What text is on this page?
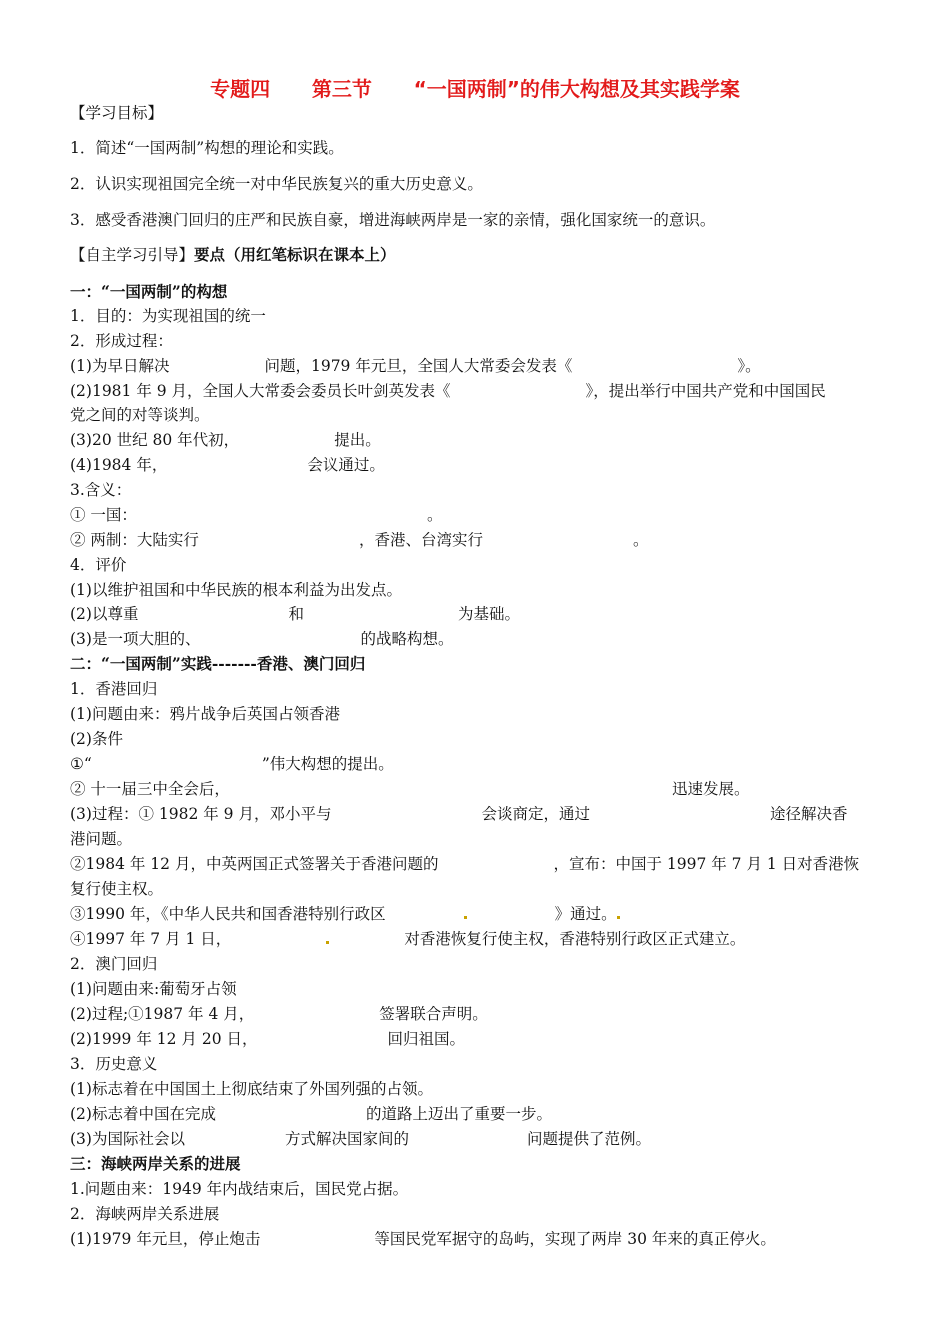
专题四      第三节      “一国两制”的伟大构想及其实践学案
【学习目标】
1．简述“一国两制”构想的理论和实践。
2．认识实现祖国完全统一对中华民族复兴的重大历史意义。
3．感受香港澳门回归的庄严和民族自豪，增进海峡两岸是一家的亲情，强化国家统一的意识。
【自主学习引导】要点（用红笔标识在课本上）
一：“一国两制”的构想
1．目的：为实现祖国的统一
2．形成过程：
(1)为早日解决	问题，1979 年元旦，全国人大常委会发表《	》。
(2)1981 年 9 月，全国人大常委会委员长叶剑英发表《	》，提出举行中国共产党和中国国民
党之间的对等谈判。
(3)20 世纪 80 年代初，	提出。
(4)1984 年，	会议通过。
3.含义：
① 一国：	。
② 两制：大陆实行	，香港、台湾实行	。
4．评价
(1)以维护祖国和中华民族的根本利益为出发点。
(2)以尊重	和	为基础。
(3)是一项大胆的、	的战略构想。
二：“一国两制”实践-------香港、澳门回归
1．香港回归
(1)问题由来：鸦片战争后英国占领香港
(2)条件
①“	”伟大构想的提出。
② 十一届三中全会后，	迅速发展。
(3)过程：① 1982 年 9 月，邓小平与	会谈商定，通过	途径解决香
港问题。
②1984 年 12 月，中英两国正式签署关于香港问题的	，宣布：中国于 1997 年 7 月 1 日对香港恢
复行使主权。
③1990 年，《中华人民共和国香港特别行政区	》通过。
④1997 年 7 月 1 日，	对香港恢复行使主权，香港特别行政区正式建立。
2．澳门回归
(1)问题由来:葡萄牙占领
(2)过程;①1987 年 4 月，	签署联合声明。
(2)1999 年 12 月 20 日，	回归祖国。
3．历史意义
(1)标志着在中国国土上彻底结束了外国列强的占领。
(2)标志着中国在完成	的道路上迈出了重要一步。
(3)为国际社会以	方式解决国家间的	问题提供了范例。
三：海峡两岸关系的进展
1.问题由来：1949 年内战结束后，国民党占据。
2．海峡两岸关系进展
(1)1979 年元旦，停止炮击	等国民党军据守的岛屿，实现了两岸 30 年来的真正停火。
